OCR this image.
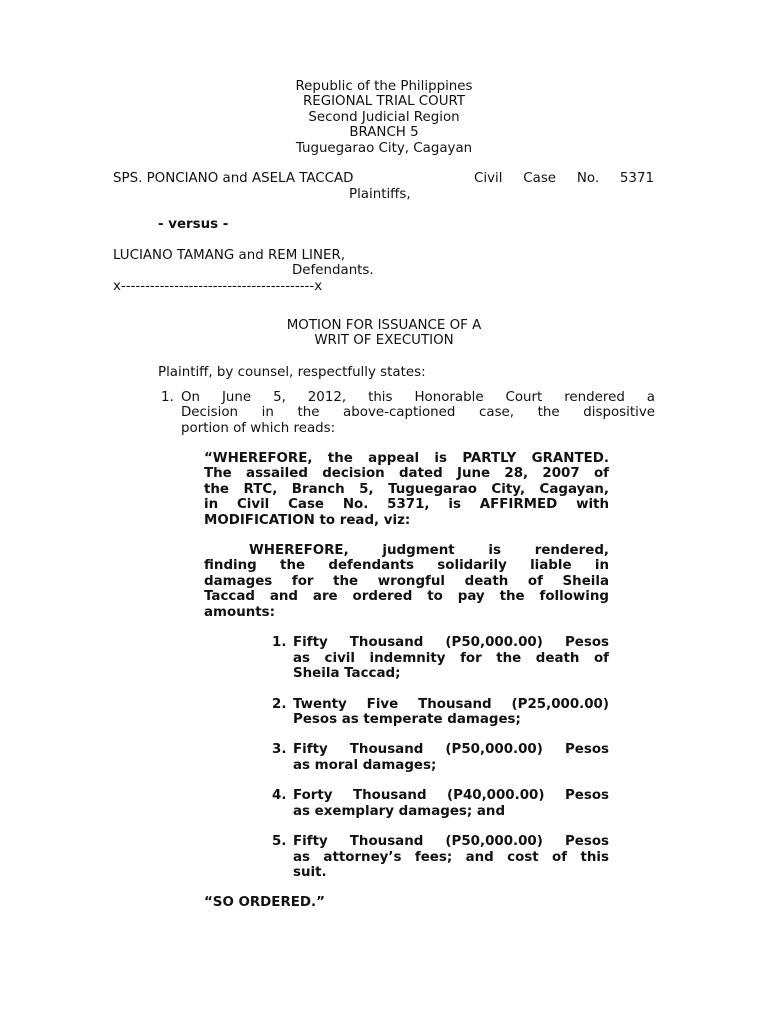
Republic of the Philippines
REGIONAL TRIAL COURT
Second Judicial Region
BRANCH 5
Tuguegarao City, Cagayan
SPS. PONCIANO and ASELA TACCAD	Civil Case No. 5371
Plaintiffs,
- versus -
LUCIANO TAMANG and REM LINER,
Defendants.
x----------------------------------------x
MOTION FOR ISSUANCE OF A
WRIT OF EXECUTION
Plaintiff, by counsel, respectfully states:
1. On June 5, 2012, this Honorable Court rendered a
Decision in the above-captioned case, the dispositive
portion of which reads:
“WHEREFORE, the appeal is PARTLY GRANTED.
The assailed decision dated June 28, 2007 of
the RTC, Branch 5, Tuguegarao City, Cagayan,
in Civil Case No. 5371, is AFFIRMED with
MODIFICATION to read, viz:
WHEREFORE, judgment is rendered,
finding the defendants solidarily liable in
damages for the wrongful death of Sheila
Taccad and are ordered to pay the following
amounts:
1. Fifty Thousand (P50,000.00) Pesos
as civil indemnity for the death of
Sheila Taccad;
2. Twenty Five Thousand (P25,000.00)
Pesos as temperate damages;
3. Fifty Thousand (P50,000.00) Pesos
as moral damages;
4. Forty Thousand (P40,000.00) Pesos
as exemplary damages; and
5. Fifty Thousand (P50,000.00) Pesos
as attorney’s fees; and cost of this
suit.
“SO ORDERED.”
